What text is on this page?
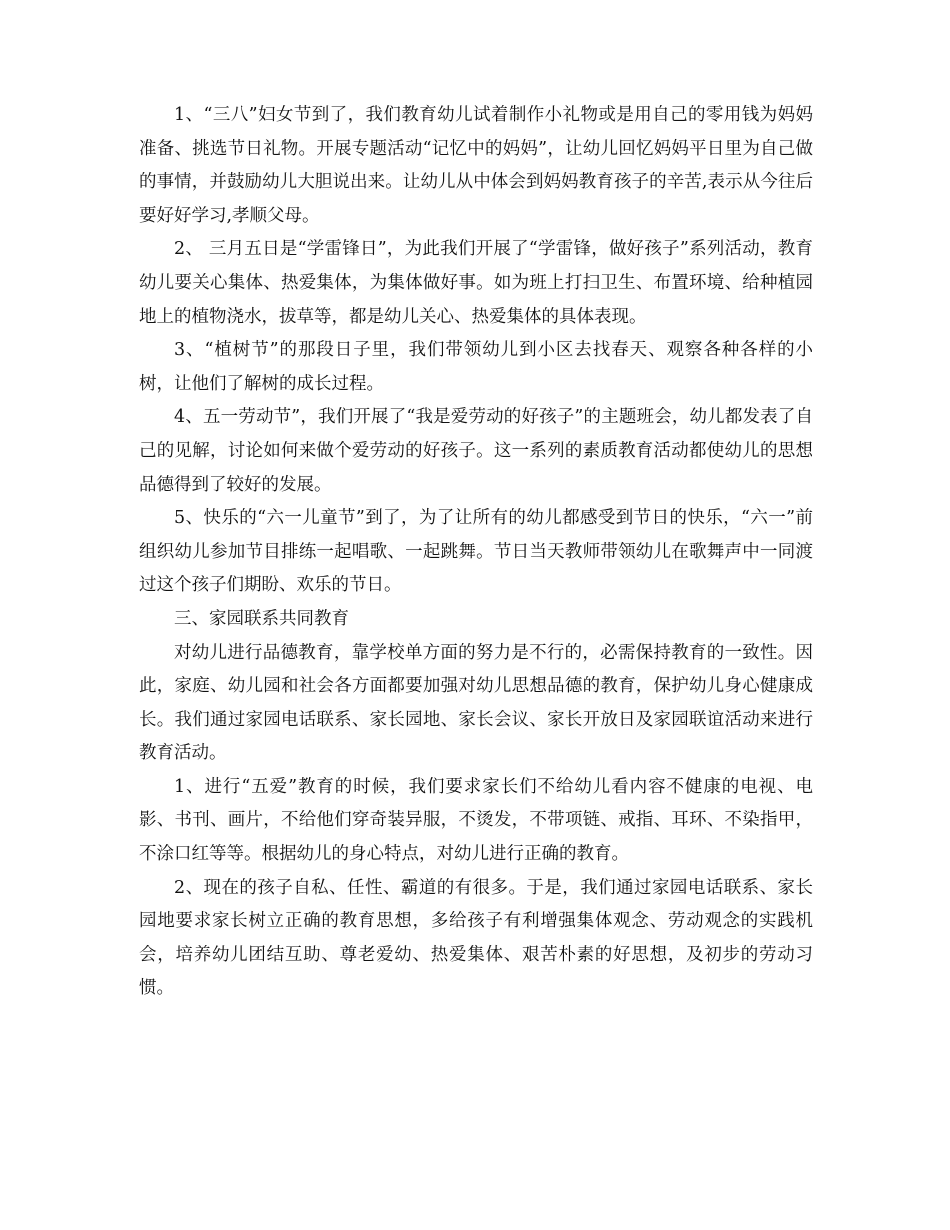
1、“三八”妇女节到了，我们教育幼儿试着制作小礼物或是用自己的零用钱为妈妈准备、挑选节日礼物。开展专题活动“记忆中的妈妈”，让幼儿回忆妈妈平日里为自己做的事情，并鼓励幼儿大胆说出来。让幼儿从中体会到妈妈教育孩子的辛苦,表示从今往后要好好学习,孝顺父母。

2、 三月五日是“学雷锋日”，为此我们开展了“学雷锋，做好孩子”系列活动，教育幼儿要关心集体、热爱集体，为集体做好事。如为班上打扫卫生、布置环境、给种植园地上的植物浇水，拔草等，都是幼儿关心、热爱集体的具体表现。

3、“植树节”的那段日子里，我们带领幼儿到小区去找春天、观察各种各样的小树，让他们了解树的成长过程。

4、五一劳动节”，我们开展了“我是爱劳动的好孩子”的主题班会，幼儿都发表了自己的见解，讨论如何来做个爱劳动的好孩子。这一系列的素质教育活动都使幼儿的思想品德得到了较好的发展。

5、快乐的“六一儿童节”到了，为了让所有的幼儿都感受到节日的快乐，“六一”前组织幼儿参加节目排练一起唱歌、一起跳舞。节日当天教师带领幼儿在歌舞声中一同渡过这个孩子们期盼、欢乐的节日。

三、家园联系共同教育

对幼儿进行品德教育，靠学校单方面的努力是不行的，必需保持教育的一致性。因此，家庭、幼儿园和社会各方面都要加强对幼儿思想品德的教育，保护幼儿身心健康成长。我们通过家园电话联系、家长园地、家长会议、家长开放日及家园联谊活动来进行教育活动。

1、进行“五爱”教育的时候，我们要求家长们不给幼儿看内容不健康的电视、电影、书刊、画片，不给他们穿奇装异服，不烫发，不带项链、戒指、耳环、不染指甲，不涂口红等等。根据幼儿的身心特点，对幼儿进行正确的教育。

2、现在的孩子自私、任性、霸道的有很多。于是，我们通过家园电话联系、家长园地要求家长树立正确的教育思想，多给孩子有利增强集体观念、劳动观念的实践机会，培养幼儿团结互助、尊老爱幼、热爱集体、艰苦朴素的好思想，及初步的劳动习惯。
